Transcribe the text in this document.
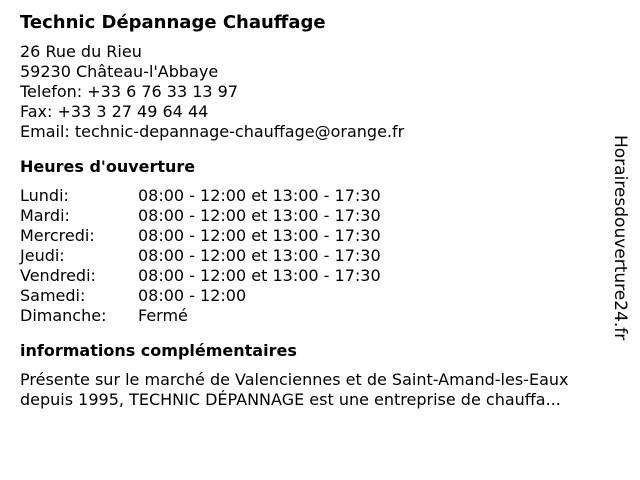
Technic Dépannage Chauffage
26 Rue du Rieu
59230 Château-l'Abbaye
Telefon: +33 6 76 33 13 97
Fax: +33 3 27 49 64 44
Email: technic-depannage-chauffage@orange.fr
Heures d'ouverture
Lundi:	08:00 - 12:00 et 13:00 - 17:30
Mardi:	08:00 - 12:00 et 13:00 - 17:30
Mercredi:	08:00 - 12:00 et 13:00 - 17:30
Jeudi:	08:00 - 12:00 et 13:00 - 17:30
Vendredi:	08:00 - 12:00 et 13:00 - 17:30
Samedi:	08:00 - 12:00
Dimanche:	Fermé
informations complémentaires
Présente sur le marché de Valenciennes et de Saint-Amand-les-Eaux
depuis 1995, TECHNIC DÉPANNAGE est une entreprise de chauffa...
Horairesdouverture24.fr
